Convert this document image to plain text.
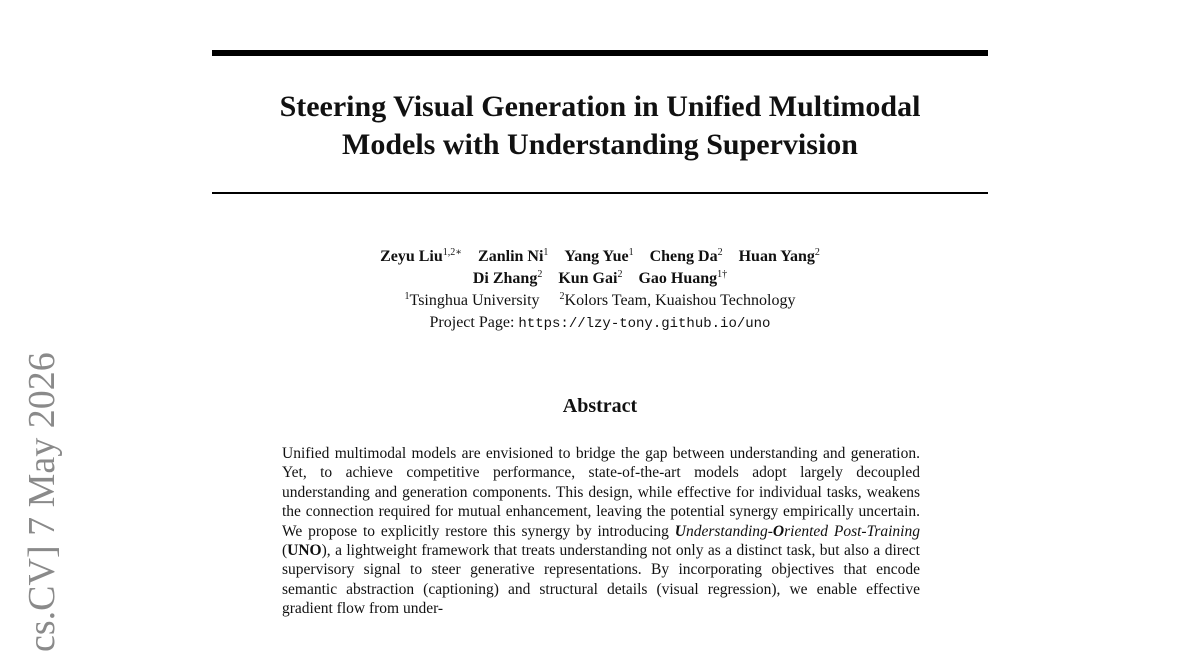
Steering Visual Generation in Unified Multimodal
Models with Understanding Supervision
Zeyu Liu$^{1,2∗}$ Zanlin Ni$^1$ Yang Yue$^1$ Cheng Da$^2$ Huan Yang$^2$
Di Zhang$^2$ Kun Gai$^2$ Gao Huang$^{1\dagger}$
$^1$Tsinghua University $^2$Kolors Team, Kuaishou Technology
Project Page: https://lzy-tony.github.io/uno
Abstract

Unified multimodal models are envisioned to bridge the gap between understanding and generation. Yet, to achieve competitive performance, state-of-the-art models adopt largely decoupled understanding and generation components. This design, while effective for individual tasks, weakens the connection required for mutual enhancement, leaving the potential synergy empirically uncertain. We propose to explicitly restore this synergy by introducing Understanding-Oriented Post-Training (UNO), a lightweight framework that treats understanding not only as a distinct task, but also a direct supervisory signal to steer generative representations. By incorporating objectives that encode semantic abstraction (captioning) and structural details (visual regression), we enable effective gradient flow from under-

cs.CV] 7 May 2026
